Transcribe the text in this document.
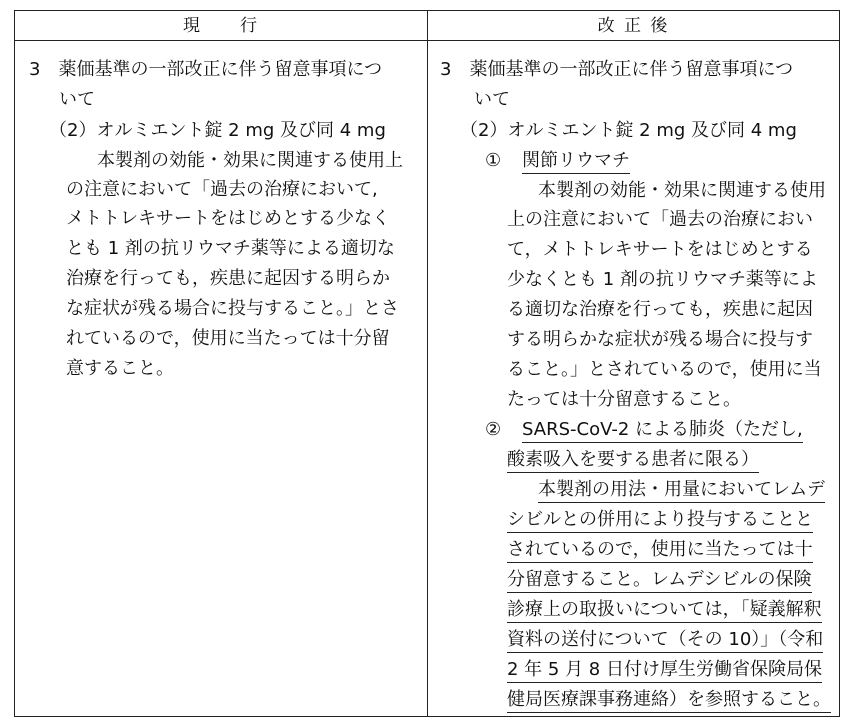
現　　行	改 正 後
3　薬価基準の一部改正に伴う留意事項につ
いて
（2）オルミエント錠 2 mg 及び同 4 mg
本製剤の効能・効果に関連する使用上
の注意において「過去の治療において,
メトトレキサートをはじめとする少なく
とも 1 剤の抗リウマチ薬等による適切な
治療を行っても，疾患に起因する明らか
な症状が残る場合に投与すること。」とさ
れているので，使用に当たっては十分留
意すること。
3　薬価基準の一部改正に伴う留意事項につ
いて
（2）オルミエント錠 2 mg 及び同 4 mg
① 関節リウマチ
本製剤の効能・効果に関連する使用
上の注意において「過去の治療におい
て，メトトレキサートをはじめとする
少なくとも 1 剤の抗リウマチ薬等によ
る適切な治療を行っても，疾患に起因
する明らかな症状が残る場合に投与す
ること。」とされているので，使用に当
たっては十分留意すること。
② SARS-CoV-2 による肺炎（ただし,
酸素吸入を要する患者に限る）
本製剤の用法・用量においてレムデ
シビルとの併用により投与することと
されているので，使用に当たっては十
分留意すること。レムデシビルの保険
診療上の取扱いについては，「疑義解釈
資料の送付について（その 10）」（令和
2 年 5 月 8 日付け厚生労働省保険局保
健局医療課事務連絡）を参照すること。
